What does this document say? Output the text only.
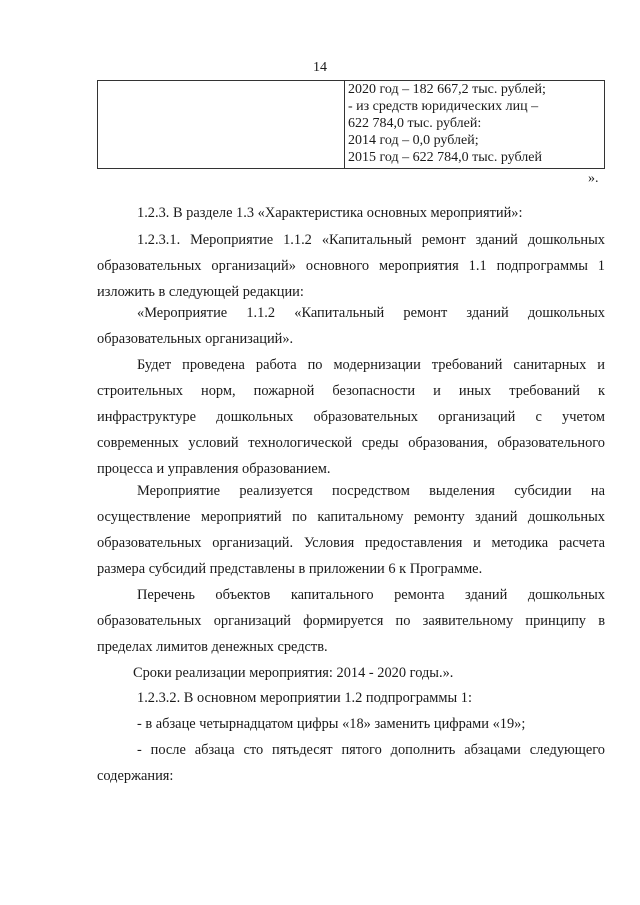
14
2020 год – 182 667,2 тыс. рублей;
- из средств юридических лиц –
622 784,0 тыс. рублей:
2014 год – 0,0 рублей;
2015 год – 622 784,0 тыс. рублей
».
1.2.3. В разделе 1.3 «Характеристика основных мероприятий»:
1.2.3.1. Мероприятие 1.1.2 «Капитальный ремонт зданий дошкольных
образовательных организаций» основного мероприятия 1.1 подпрограммы 1
изложить в следующей редакции:
«Мероприятие 1.1.2 «Капитальный ремонт зданий дошкольных
образовательных организаций».
Будет проведена работа по модернизации требований санитарных и
строительных норм, пожарной безопасности и иных требований к
инфраструктуре дошкольных образовательных организаций с учетом
современных условий технологической среды образования, образовательного
процесса и управления образованием.
Мероприятие реализуется посредством выделения субсидии на
осуществление мероприятий по капитальному ремонту зданий дошкольных
образовательных организаций. Условия предоставления и методика расчета
размера субсидий представлены в приложении 6 к Программе.
Перечень объектов капитального ремонта зданий дошкольных
образовательных организаций формируется по заявительному принципу в
пределах лимитов денежных средств.
Сроки реализации мероприятия: 2014 - 2020 годы.».
1.2.3.2. В основном мероприятии 1.2 подпрограммы 1:
- в абзаце четырнадцатом цифры «18» заменить цифрами «19»;
- после абзаца сто пятьдесят пятого дополнить абзацами следующего
содержания:
